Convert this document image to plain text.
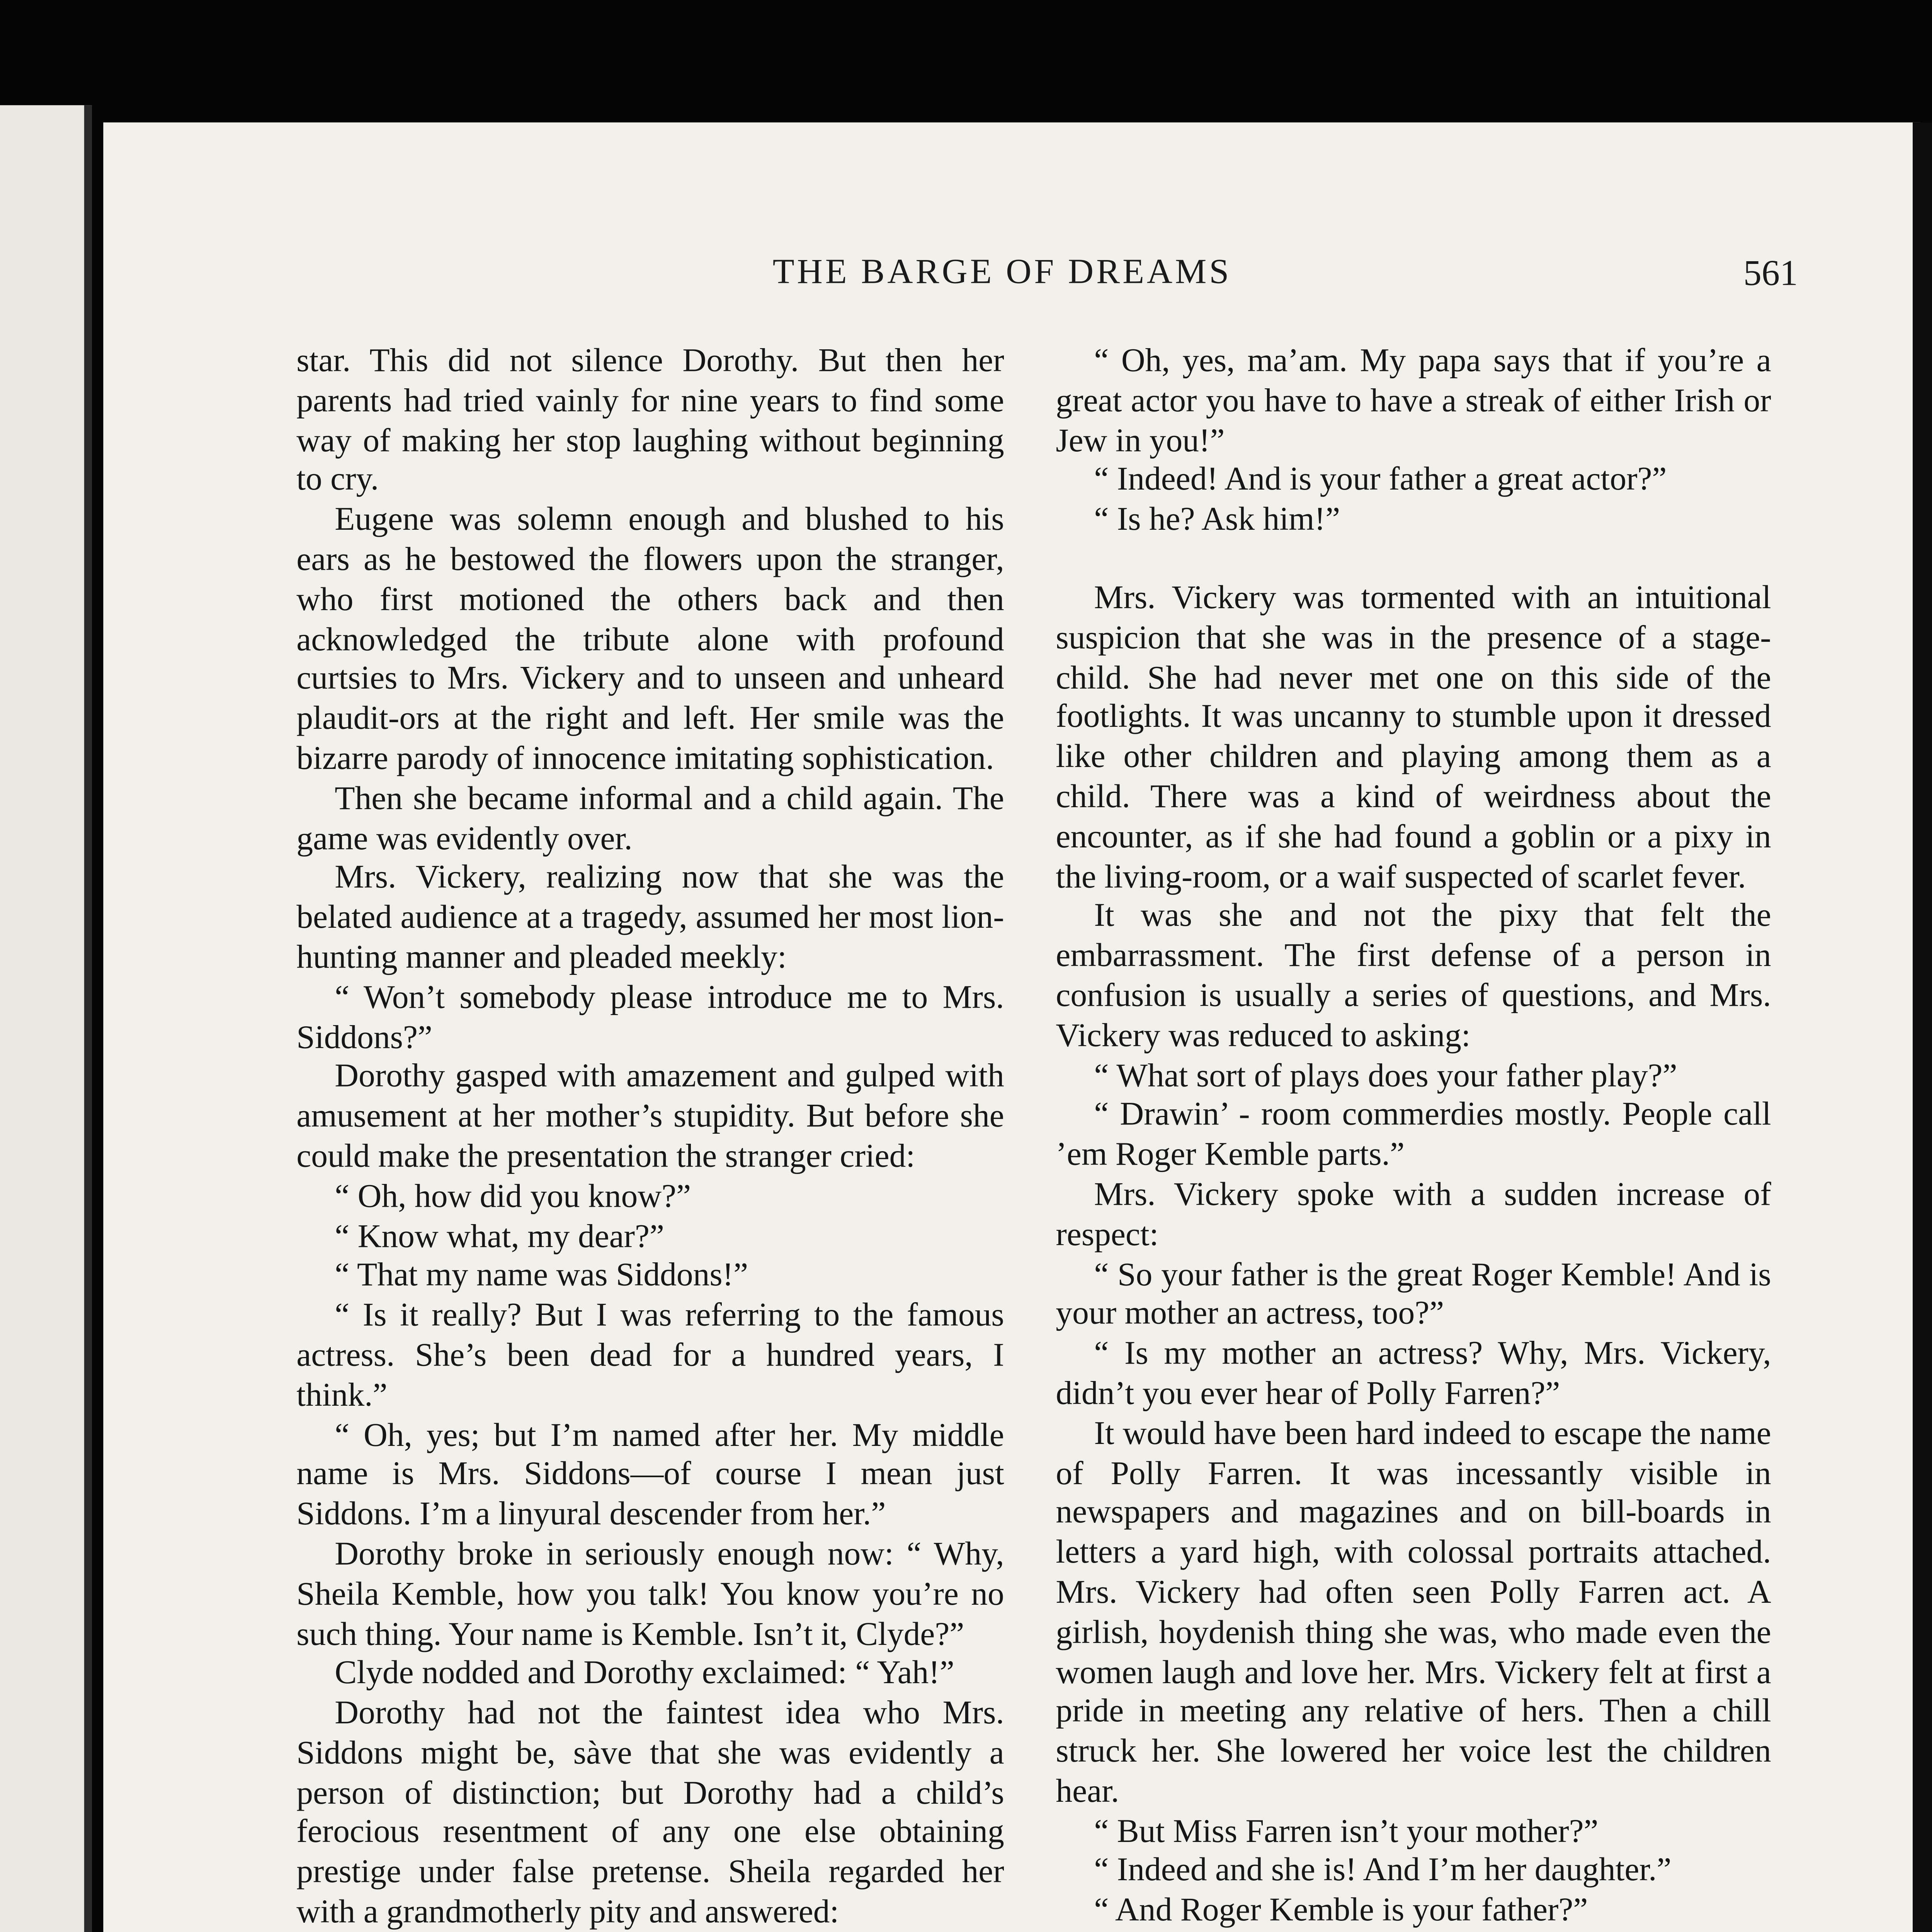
THE BARGE OF DREAMS	561

star. This did not silence Dorothy. But then her parents had tried vainly for nine years to find some way of making her stop laughing without beginning to cry.

Eugene was solemn enough and blushed to his ears as he bestowed the flowers upon the stranger, who first motioned the others back and then acknowledged the tribute alone with profound curtsies to Mrs. Vickery and to unseen and unheard plaudit-ors at the right and left. Her smile was the bizarre parody of innocence imitating sophistication.

Then she became informal and a child again. The game was evidently over.

Mrs. Vickery, realizing now that she was the belated audience at a tragedy, assumed her most lion-hunting manner and pleaded meekly:

“ Won’t somebody please introduce me to Mrs. Siddons?”

Dorothy gasped with amazement and gulped with amusement at her mother’s stupidity. But before she could make the presentation the stranger cried:

“ Oh, how did you know?”

“ Know what, my dear?”

“ That my name was Siddons!”

“ Is it really? But I was referring to the famous actress. She’s been dead for a hundred years, I think.”

“ Oh, yes; but I’m named after her. My middle name is Mrs. Siddons—of course I mean just Siddons. I’m a linyural descender from her.”

Dorothy broke in seriously enough now: “ Why, Sheila Kemble, how you talk! You know you’re no such thing. Your name is Kemble. Isn’t it, Clyde?”

Clyde nodded and Dorothy exclaimed: “ Yah!”

Dorothy had not the faintest idea who Mrs. Siddons might be, sàve that she was evidently a person of distinction; but Dorothy had a child’s ferocious resentment of any one else obtaining prestige under false pretense. Sheila regarded her with a grandmotherly pity and answered:

“ Oh, yes, ma’am. My papa says that if you’re a great actor you have to have a streak of either Irish or Jew in you!”

“ Indeed! And is your father a great actor?”

“ Is he? Ask him!”

Mrs. Vickery was tormented with an intuitional suspicion that she was in the presence of a stage-child. She had never met one on this side of the footlights. It was uncanny to stumble upon it dressed like other children and playing among them as a child. There was a kind of weirdness about the encounter, as if she had found a goblin or a pixy in the living-room, or a waif suspected of scarlet fever.

It was she and not the pixy that felt the embarrassment. The first defense of a person in confusion is usually a series of questions, and Mrs. Vickery was reduced to asking:

“ What sort of plays does your father play?”

“ Drawin’ - room commerdies mostly. People call ’em Roger Kemble parts.”

Mrs. Vickery spoke with a sudden increase of respect:

“ So your father is the great Roger Kemble! And is your mother an actress, too?”

“ Is my mother an actress? Why, Mrs. Vickery, didn’t you ever hear of Polly Farren?”

It would have been hard indeed to escape the name of Polly Farren. It was incessantly visible in newspapers and magazines and on bill-boards in letters a yard high, with colossal portraits attached. Mrs. Vickery had often seen Polly Farren act. A girlish, hoydenish thing she was, who made even the women laugh and love her. Mrs. Vickery felt at first a pride in meeting any relative of hers. Then a chill struck her. She lowered her voice lest the children hear.

“ But Miss Farren isn’t your mother?”

“ Indeed and she is! And I’m her daughter.”

“ And Roger Kemble is your father?”
